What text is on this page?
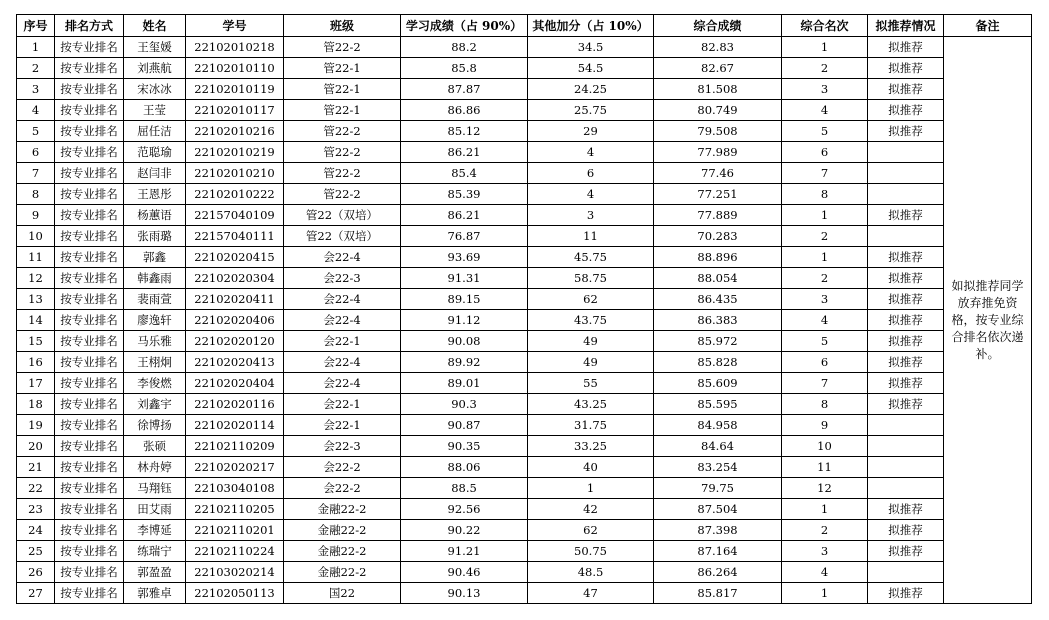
序号	排名方式	姓名	学号	班级	学习成绩（占 90%）	其他加分（占 10%）	综合成绩	综合名次	拟推荐情况	备注
1	按专业排名	王玺媛	22102010218	管22-2	88.2	34.5	82.83	1	拟推荐	如拟推荐同学放弃推免资格，按专业综合排名依次递补。
2	按专业排名	刘燕航	22102010110	管22-1	85.8	54.5	82.67	2	拟推荐	
3	按专业排名	宋冰冰	22102010119	管22-1	87.87	24.25	81.508	3	拟推荐	
4	按专业排名	王莹	22102010117	管22-1	86.86	25.75	80.749	4	拟推荐	
5	按专业排名	屈任洁	22102010216	管22-2	85.12	29	79.508	5	拟推荐	
6	按专业排名	范聪瑜	22102010219	管22-2	86.21	4	77.989	6		
7	按专业排名	赵闫非	22102010210	管22-2	85.4	6	77.46	7		
8	按专业排名	王恩彤	22102010222	管22-2	85.39	4	77.251	8		
9	按专业排名	杨蕙语	22157040109	管22（双培）	86.21	3	77.889	1	拟推荐	
10	按专业排名	张雨璐	22157040111	管22（双培）	76.87	11	70.283	2		
11	按专业排名	郭鑫	22102020415	会22-4	93.69	45.75	88.896	1	拟推荐	
12	按专业排名	韩鑫雨	22102020304	会22-3	91.31	58.75	88.054	2	拟推荐	
13	按专业排名	裴雨萱	22102020411	会22-4	89.15	62	86.435	3	拟推荐	
14	按专业排名	廖逸轩	22102020406	会22-4	91.12	43.75	86.383	4	拟推荐	
15	按专业排名	马乐雅	22102020120	会22-1	90.08	49	85.972	5	拟推荐	
16	按专业排名	王栩炯	22102020413	会22-4	89.92	49	85.828	6	拟推荐	
17	按专业排名	李俊燃	22102020404	会22-4	89.01	55	85.609	7	拟推荐	
18	按专业排名	刘鑫宇	22102020116	会22-1	90.3	43.25	85.595	8	拟推荐	
19	按专业排名	徐博扬	22102020114	会22-1	90.87	31.75	84.958	9		
20	按专业排名	张硕	22102110209	会22-3	90.35	33.25	84.64	10		
21	按专业排名	林舟婷	22102020217	会22-2	88.06	40	83.254	11		
22	按专业排名	马翔钰	22103040108	会22-2	88.5	1	79.75	12		
23	按专业排名	田艾雨	22102110205	金融22-2	92.56	42	87.504	1	拟推荐	
24	按专业排名	李博延	22102110201	金融22-2	90.22	62	87.398	2	拟推荐	
25	按专业排名	练瑞宁	22102110224	金融22-2	91.21	50.75	87.164	3	拟推荐	
26	按专业排名	郭盈盈	22103020214	金融22-2	90.46	48.5	86.264	4		
27	按专业排名	郭雅卓	22102050113	国22	90.13	47	85.817	1	拟推荐	
